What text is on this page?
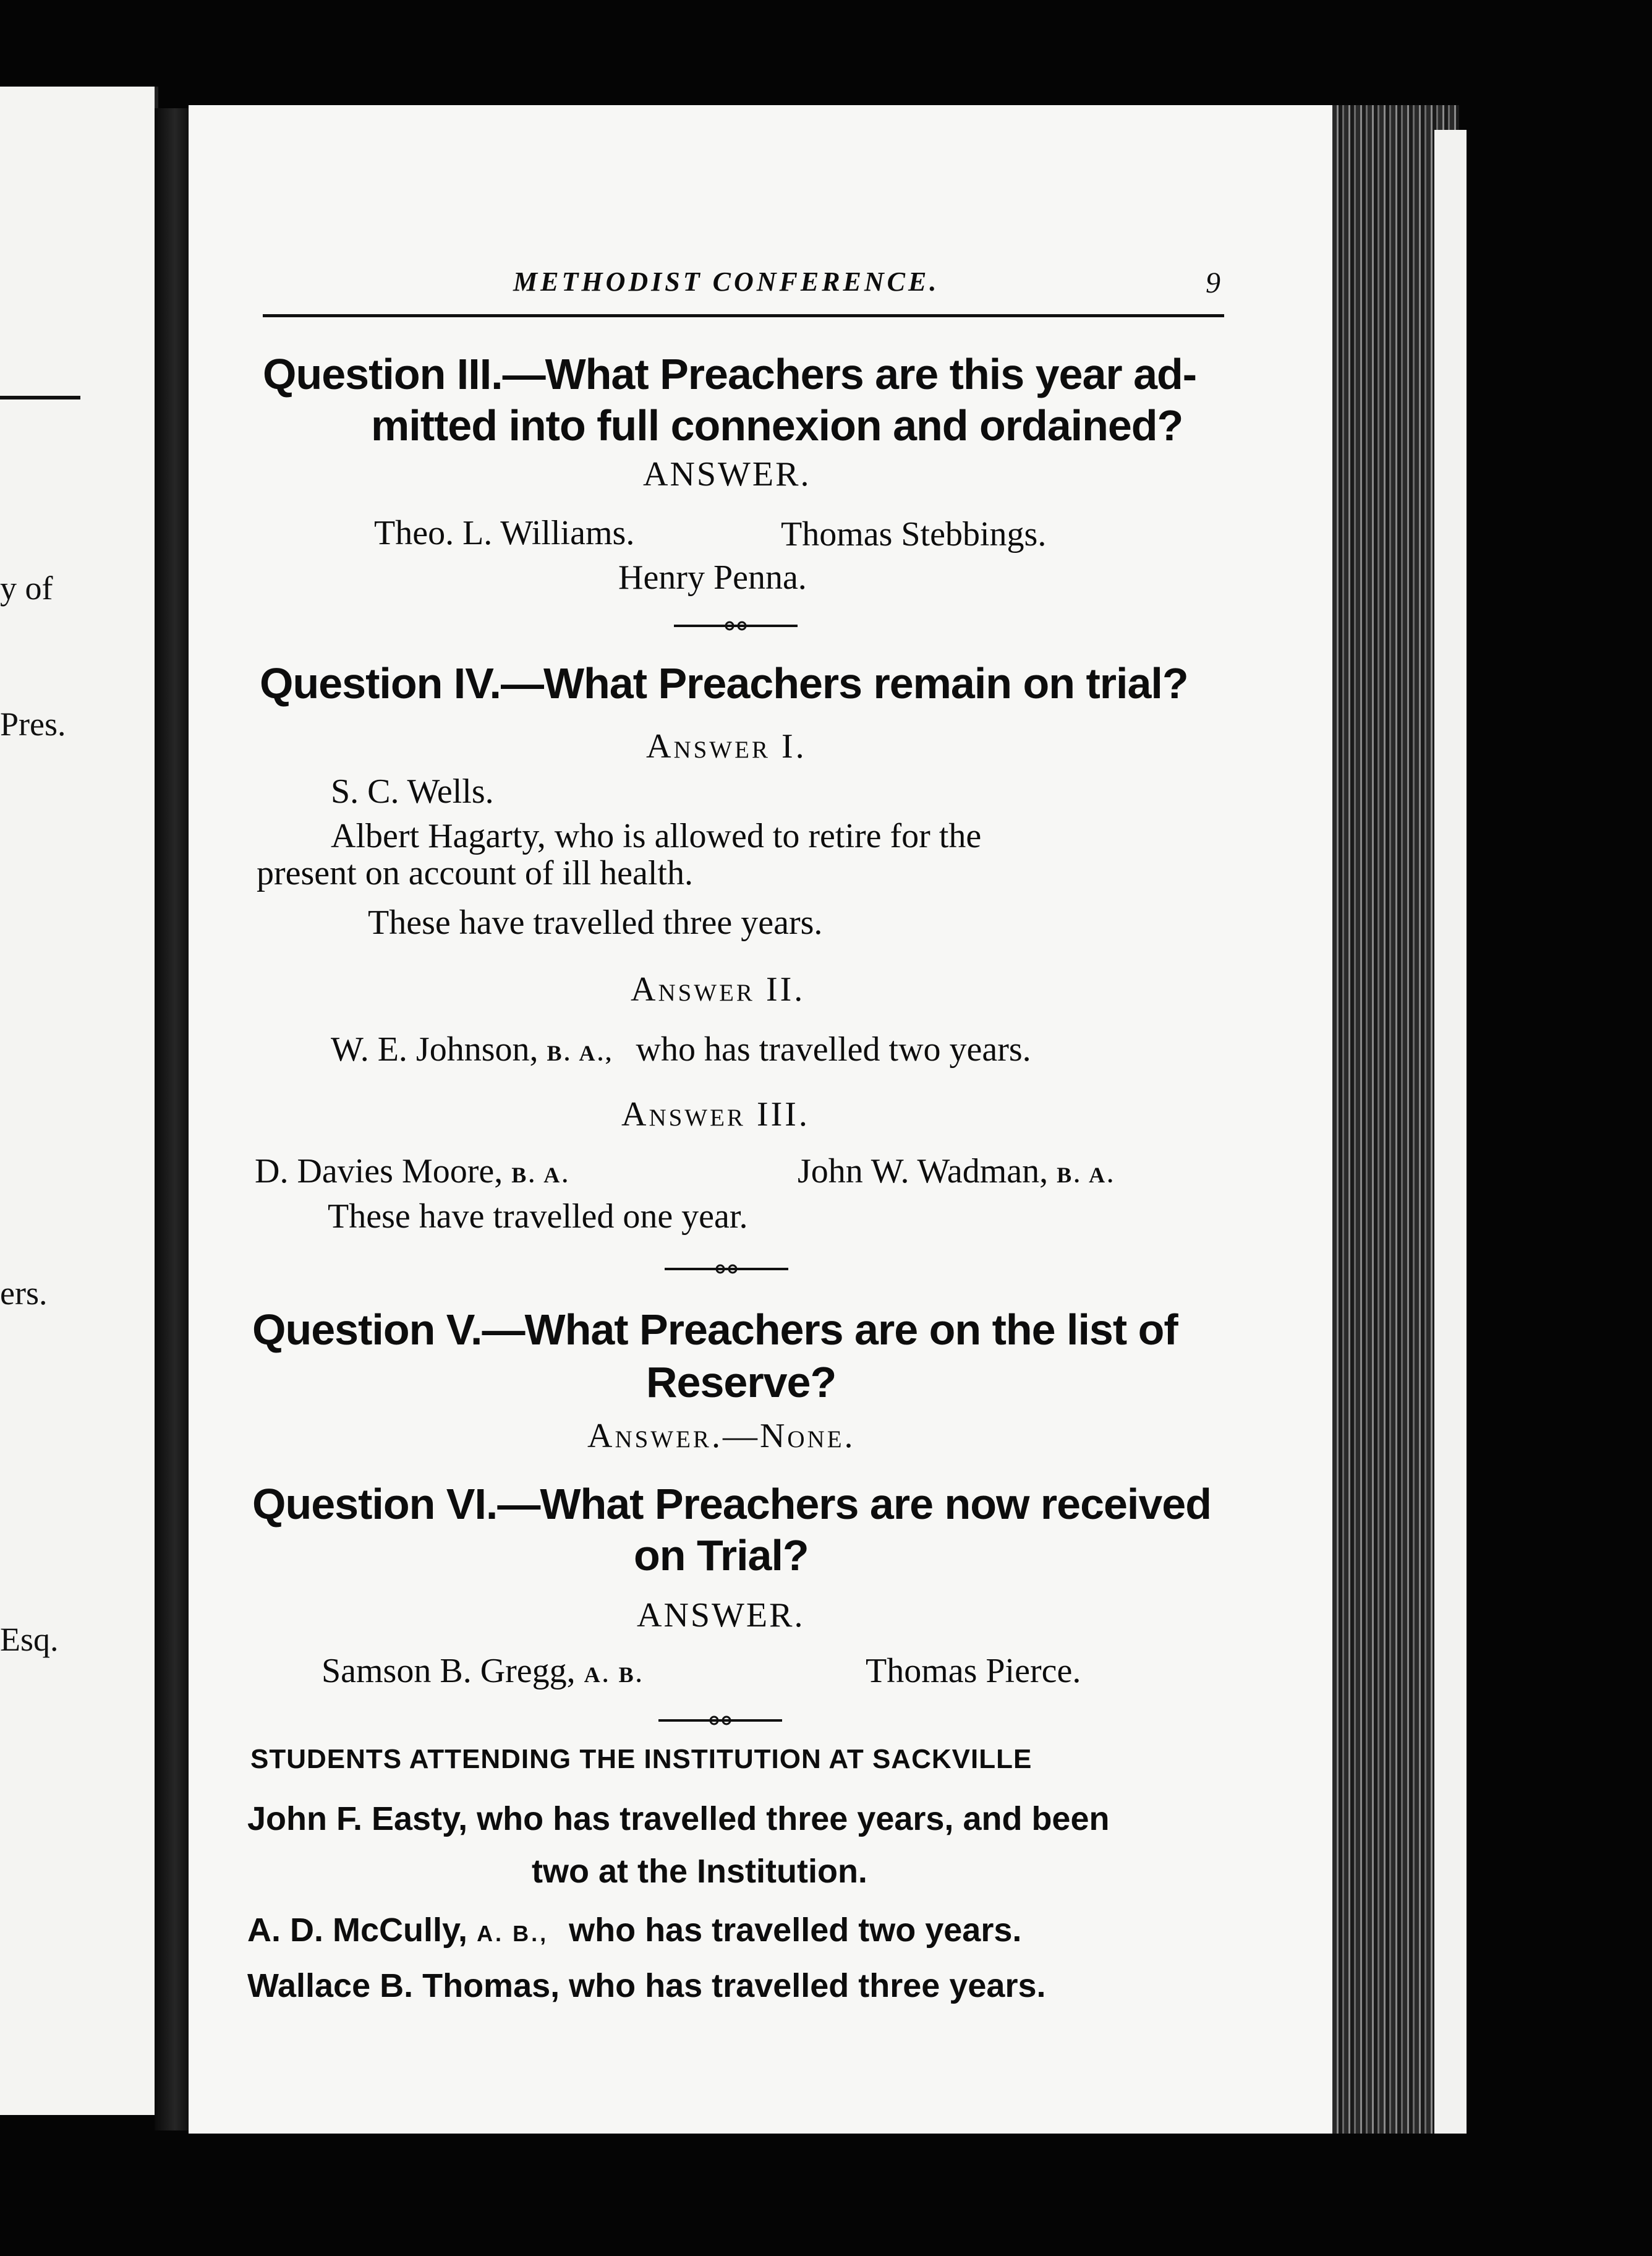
y of
Pres.
ers.
Esq.
METHODIST CONFERENCE.	9
Question III.—What Preachers are this year ad-
mitted into full connexion and ordained?
ANSWER.
Theo. L. Williams.	Thomas Stebbings.
Henry Penna.
Question IV.—What Preachers remain on trial?
Answer I.
S. C. Wells.
Albert Hagarty, who is allowed to retire for the
present on account of ill health.
These have travelled three years.
Answer II.
W. E. Johnson, B. A., who has travelled two years.
Answer III.
D. Davies Moore, B. A.	John W. Wadman, B. A.
These have travelled one year.
Question V.—What Preachers are on the list of
Reserve?
Answer.—None.
Question VI.—What Preachers are now received
on Trial?
ANSWER.
Samson B. Gregg, A. B.	Thomas Pierce.
STUDENTS ATTENDING THE INSTITUTION AT SACKVILLE
John F. Easty, who has travelled three years, and been
two at the Institution.
A. D. McCully, A. B., who has travelled two years.
Wallace B. Thomas, who has travelled three years.
